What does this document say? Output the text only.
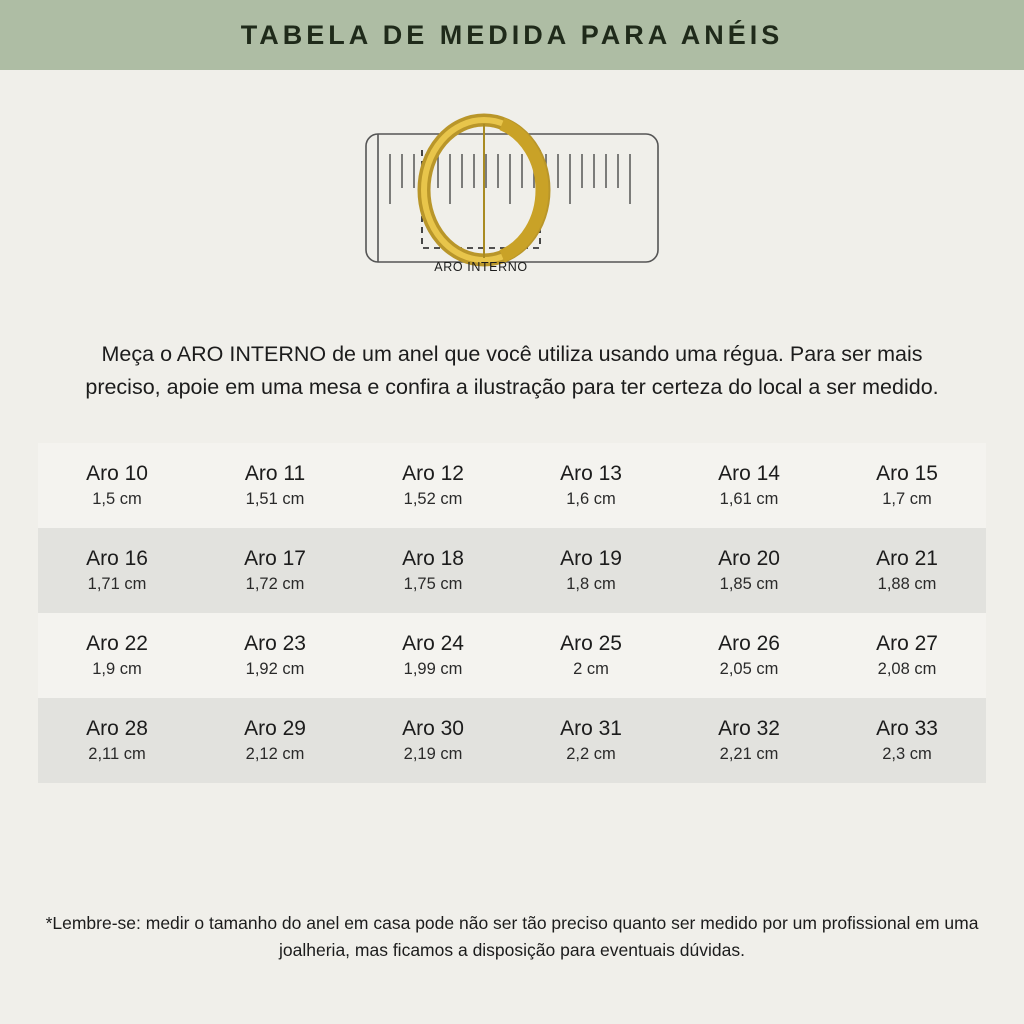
TABELA DE MEDIDA PARA ANÉIS
ARO INTERNO
Meça o ARO INTERNO de um anel que você utiliza usando uma régua. Para ser mais preciso, apoie em uma mesa e confira a ilustração para ter certeza do local a ser medido.
Aro 10
1,5 cm
Aro 11
1,51 cm
Aro 12
1,52 cm
Aro 13
1,6 cm
Aro 14
1,61 cm
Aro 15
1,7 cm
Aro 16
1,71 cm
Aro 17
1,72 cm
Aro 18
1,75 cm
Aro 19
1,8 cm
Aro 20
1,85 cm
Aro 21
1,88 cm
Aro 22
1,9 cm
Aro 23
1,92 cm
Aro 24
1,99 cm
Aro 25
2 cm
Aro 26
2,05 cm
Aro 27
2,08 cm
Aro 28
2,11 cm
Aro 29
2,12 cm
Aro 30
2,19 cm
Aro 31
2,2 cm
Aro 32
2,21 cm
Aro 33
2,3 cm
*Lembre-se: medir o tamanho do anel em casa pode não ser tão preciso quanto ser medido por um profissional em uma joalheria, mas ficamos a disposição para eventuais dúvidas.
